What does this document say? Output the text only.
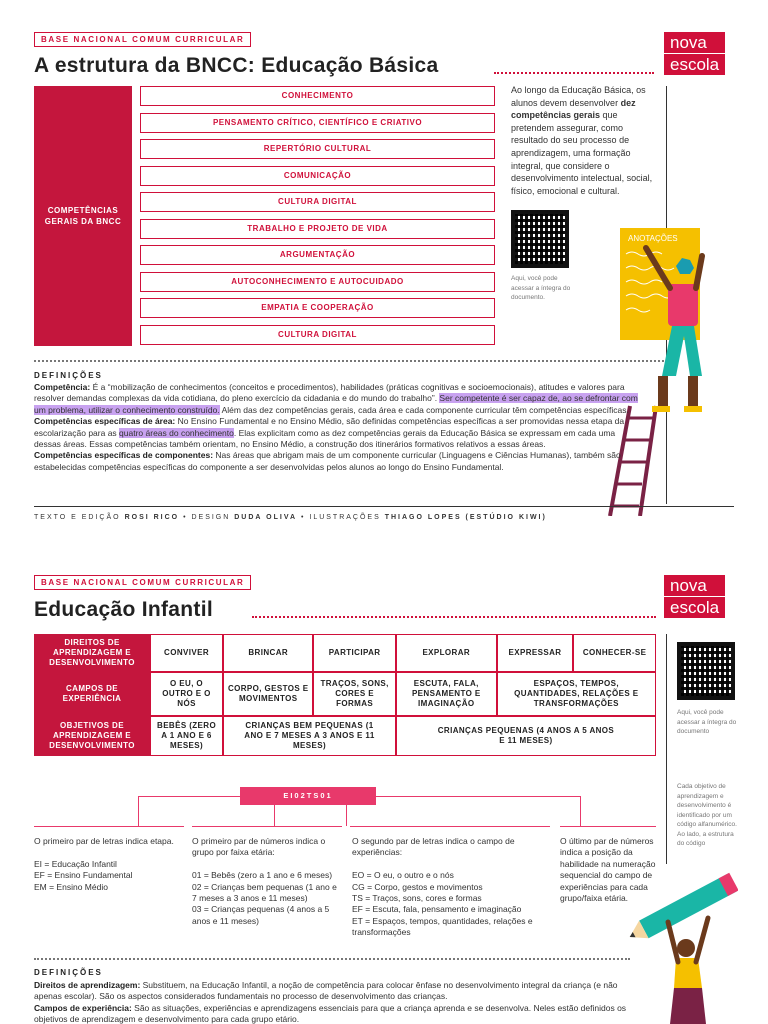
BASE NACIONAL COMUM CURRICULAR	nova
escola
A estrutura da BNCC: Educação Básica
COMPETÊNCIAS GERAIS DA BNCC
CONHECIMENTO
PENSAMENTO CRÍTICO, CIENTÍFICO E CRIATIVO
REPERTÓRIO CULTURAL
COMUNICAÇÃO
CULTURA DIGITAL
TRABALHO E PROJETO DE VIDA
ARGUMENTAÇÃO
AUTOCONHECIMENTO E AUTOCUIDADO
EMPATIA E COOPERAÇÃO
CULTURA DIGITAL
Ao longo da Educação Básica, os alunos devem desenvolver dez competências gerais que pretendem assegurar, como resultado do seu processo de aprendizagem, uma formação integral, que considere o desenvolvimento intelectual, social, físico, emocional e cultural.
Aqui, você pode acessar a íntegra do documento.
ANOTAÇÕES
DEFINIÇÕES
Competência: É a “mobilização de conhecimentos (conceitos e procedimentos), habilidades (práticas cognitivas e socioemocionais), atitudes e valores para resolver demandas complexas da vida cotidiana, do pleno exercício da cidadania e do mundo do trabalho”. Ser competente é ser capaz de, ao se defrontar com um problema, utilizar o conhecimento construído. Além das dez competências gerais, cada área e cada componente curricular têm competências específicas.
Competências específicas de área: No Ensino Fundamental e no Ensino Médio, são definidas competências específicas a ser promovidas nessa etapa da escolarização para as quatro áreas do conhecimento. Elas explicitam como as dez competências gerais da Educação Básica se expressam em cada uma dessas áreas. Essas competências também orientam, no Ensino Médio, a construção dos itinerários formativos relativos a essas áreas.
Competências específicas de componentes: Nas áreas que abrigam mais de um componente curricular (Linguagens e Ciências Humanas), também são estabelecidas competências específicas do componente a ser desenvolvidas pelos alunos ao longo do Ensino Fundamental.
TEXTO E EDIÇÃO ROSI RICO • DESIGN DUDA OLIVA • ILUSTRAÇÕES THIAGO LOPES (ESTÚDIO KIWI)
BASE NACIONAL COMUM CURRICULAR	nova
escola
Educação Infantil
DIREITOS DE APRENDIZAGEM E DESENVOLVIMENTO	CONVIVER	BRINCAR	PARTICIPAR	EXPLORAR	EXPRESSAR	CONHECER-SE
CAMPOS DE EXPERIÊNCIA	O EU, O OUTRO E O NÓS	CORPO, GESTOS E MOVIMENTOS	TRAÇOS, SONS, CORES E FORMAS	ESCUTA, FALA, PENSAMENTO E IMAGINAÇÃO	ESPAÇOS, TEMPOS, QUANTIDADES, RELAÇÕES E TRANSFORMAÇÕES	
OBJETIVOS DE APRENDIZAGEM E DESENVOLVIMENTO	BEBÊS (ZERO A 1 ANO E 6 MESES)	CRIANÇAS BEM PEQUENAS (1 ANO E 7 MESES A 3 ANOS E 11 MESES)		CRIANÇAS PEQUENAS (4 ANOS A 5 ANOS E 11 MESES)		
Aqui, você pode acessar a íntegra do documento
Cada objetivo de aprendizagem e desenvolvimento é identificado por um código alfanumérico. Ao lado, a estrutura do código
EI02TS01
O primeiro par de letras indica etapa.

EI = Educação Infantil
EF = Ensino Fundamental
EM = Ensino Médio
O primeiro par de números indica o grupo por faixa etária:

01 = Bebês (zero a 1 ano e 6 meses)
02 = Crianças bem pequenas (1 ano e 7 meses a 3 anos e 11 meses)
03 = Crianças pequenas (4 anos a 5 anos e 11 meses)
O segundo par de letras indica o campo de experiências:

EO = O eu, o outro e o nós
CG = Corpo, gestos e movimentos
TS = Traços, sons, cores e formas
EF = Escuta, fala, pensamento e imaginação
ET = Espaços, tempos, quantidades, relações e transformações
O último par de números indica a posição da habilidade na numeração sequencial do campo de experiências para cada grupo/faixa etária.
DEFINIÇÕES
Direitos de aprendizagem: Substituem, na Educação Infantil, a noção de competência para colocar ênfase no desenvolvimento integral da criança (e não apenas escolar). São os aspectos considerados fundamentais no processo de desenvolvimento das crianças.
Campos de experiência: São as situações, experiências e aprendizagens essenciais para que a criança aprenda e se desenvolva. Neles estão definidos os objetivos de aprendizagem e desenvolvimento para cada grupo etário.
